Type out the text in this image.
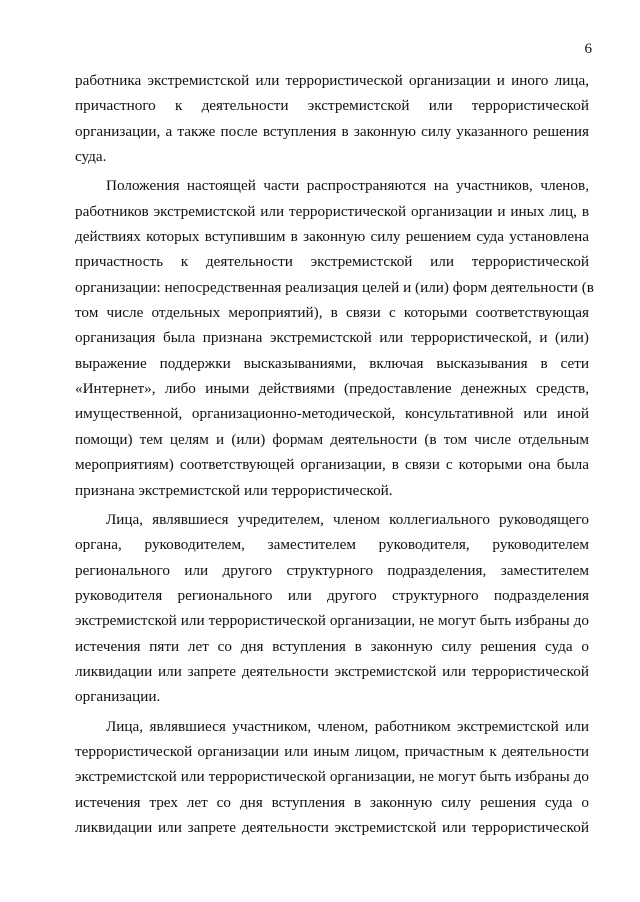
6
работника экстремистской или террористической организации и иного лица,
причастного к деятельности экстремистской или террористической
организации, а также после вступления в законную силу указанного решения
суда.
Положения настоящей части распространяются на участников, членов,
работников экстремистской или террористической организации и иных лиц, в
действиях которых вступившим в законную силу решением суда установлена
причастность к деятельности экстремистской или террористической
организации: непосредственная реализация целей и (или) форм деятельности (в
том числе отдельных мероприятий), в связи с которыми соответствующая
организация была признана экстремистской или террористической, и (или)
выражение поддержки высказываниями, включая высказывания в сети
«Интернет», либо иными действиями (предоставление денежных средств,
имущественной, организационно-методической, консультативной или иной
помощи) тем целям и (или) формам деятельности (в том числе отдельным
мероприятиям) соответствующей организации, в связи с которыми она была
признана экстремистской или террористической.
Лица, являвшиеся учредителем, членом коллегиального руководящего
органа, руководителем, заместителем руководителя, руководителем
регионального или другого структурного подразделения, заместителем
руководителя регионального или другого структурного подразделения
экстремистской или террористической организации, не могут быть избраны до
истечения пяти лет со дня вступления в законную силу решения суда о
ликвидации или запрете деятельности экстремистской или террористической
организации.
Лица, являвшиеся участником, членом, работником экстремистской или
террористической организации или иным лицом, причастным к деятельности
экстремистской или террористической организации, не могут быть избраны до
истечения трех лет со дня вступления в законную силу решения суда о
ликвидации или запрете деятельности экстремистской или террористической
